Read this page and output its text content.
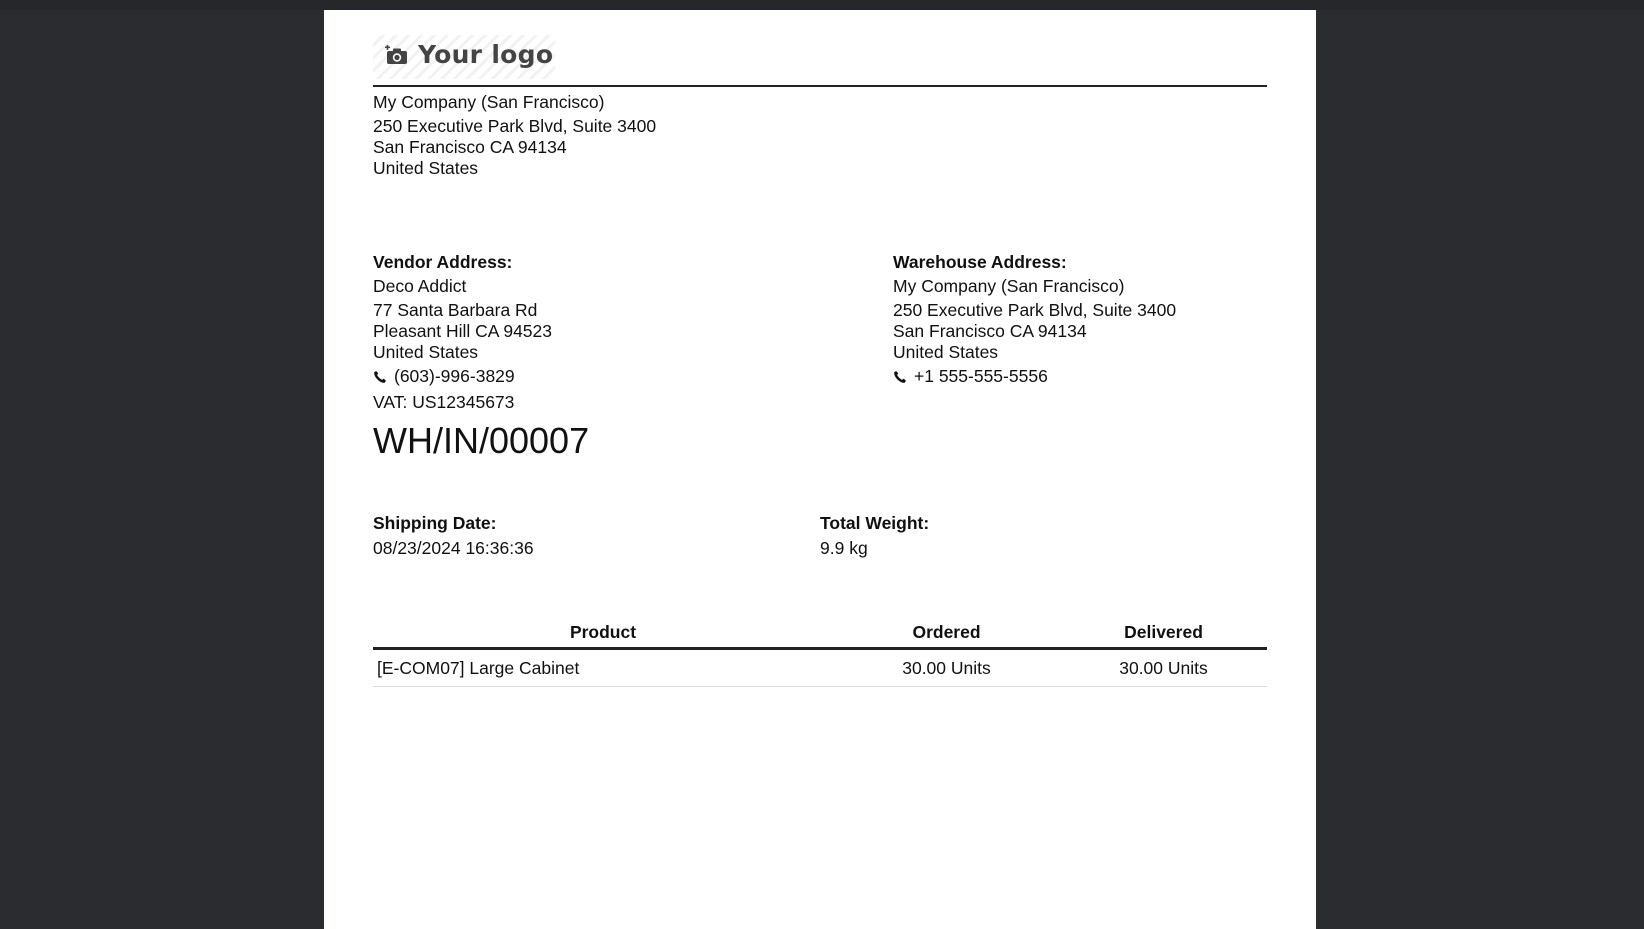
Your logo
My Company (San Francisco)
250 Executive Park Blvd, Suite 3400
San Francisco CA 94134
United States
Vendor Address:
Deco Addict
77 Santa Barbara Rd
Pleasant Hill CA 94523
United States
(603)-996-3829
VAT: US12345673
Warehouse Address:
My Company (San Francisco)
250 Executive Park Blvd, Suite 3400
San Francisco CA 94134
United States
+1 555-555-5556
WH/IN/00007
Shipping Date:
08/23/2024 16:36:36
Total Weight:
9.9 kg
Product	Ordered	Delivered
[E-COM07] Large Cabinet	30.00 Units	30.00 Units
